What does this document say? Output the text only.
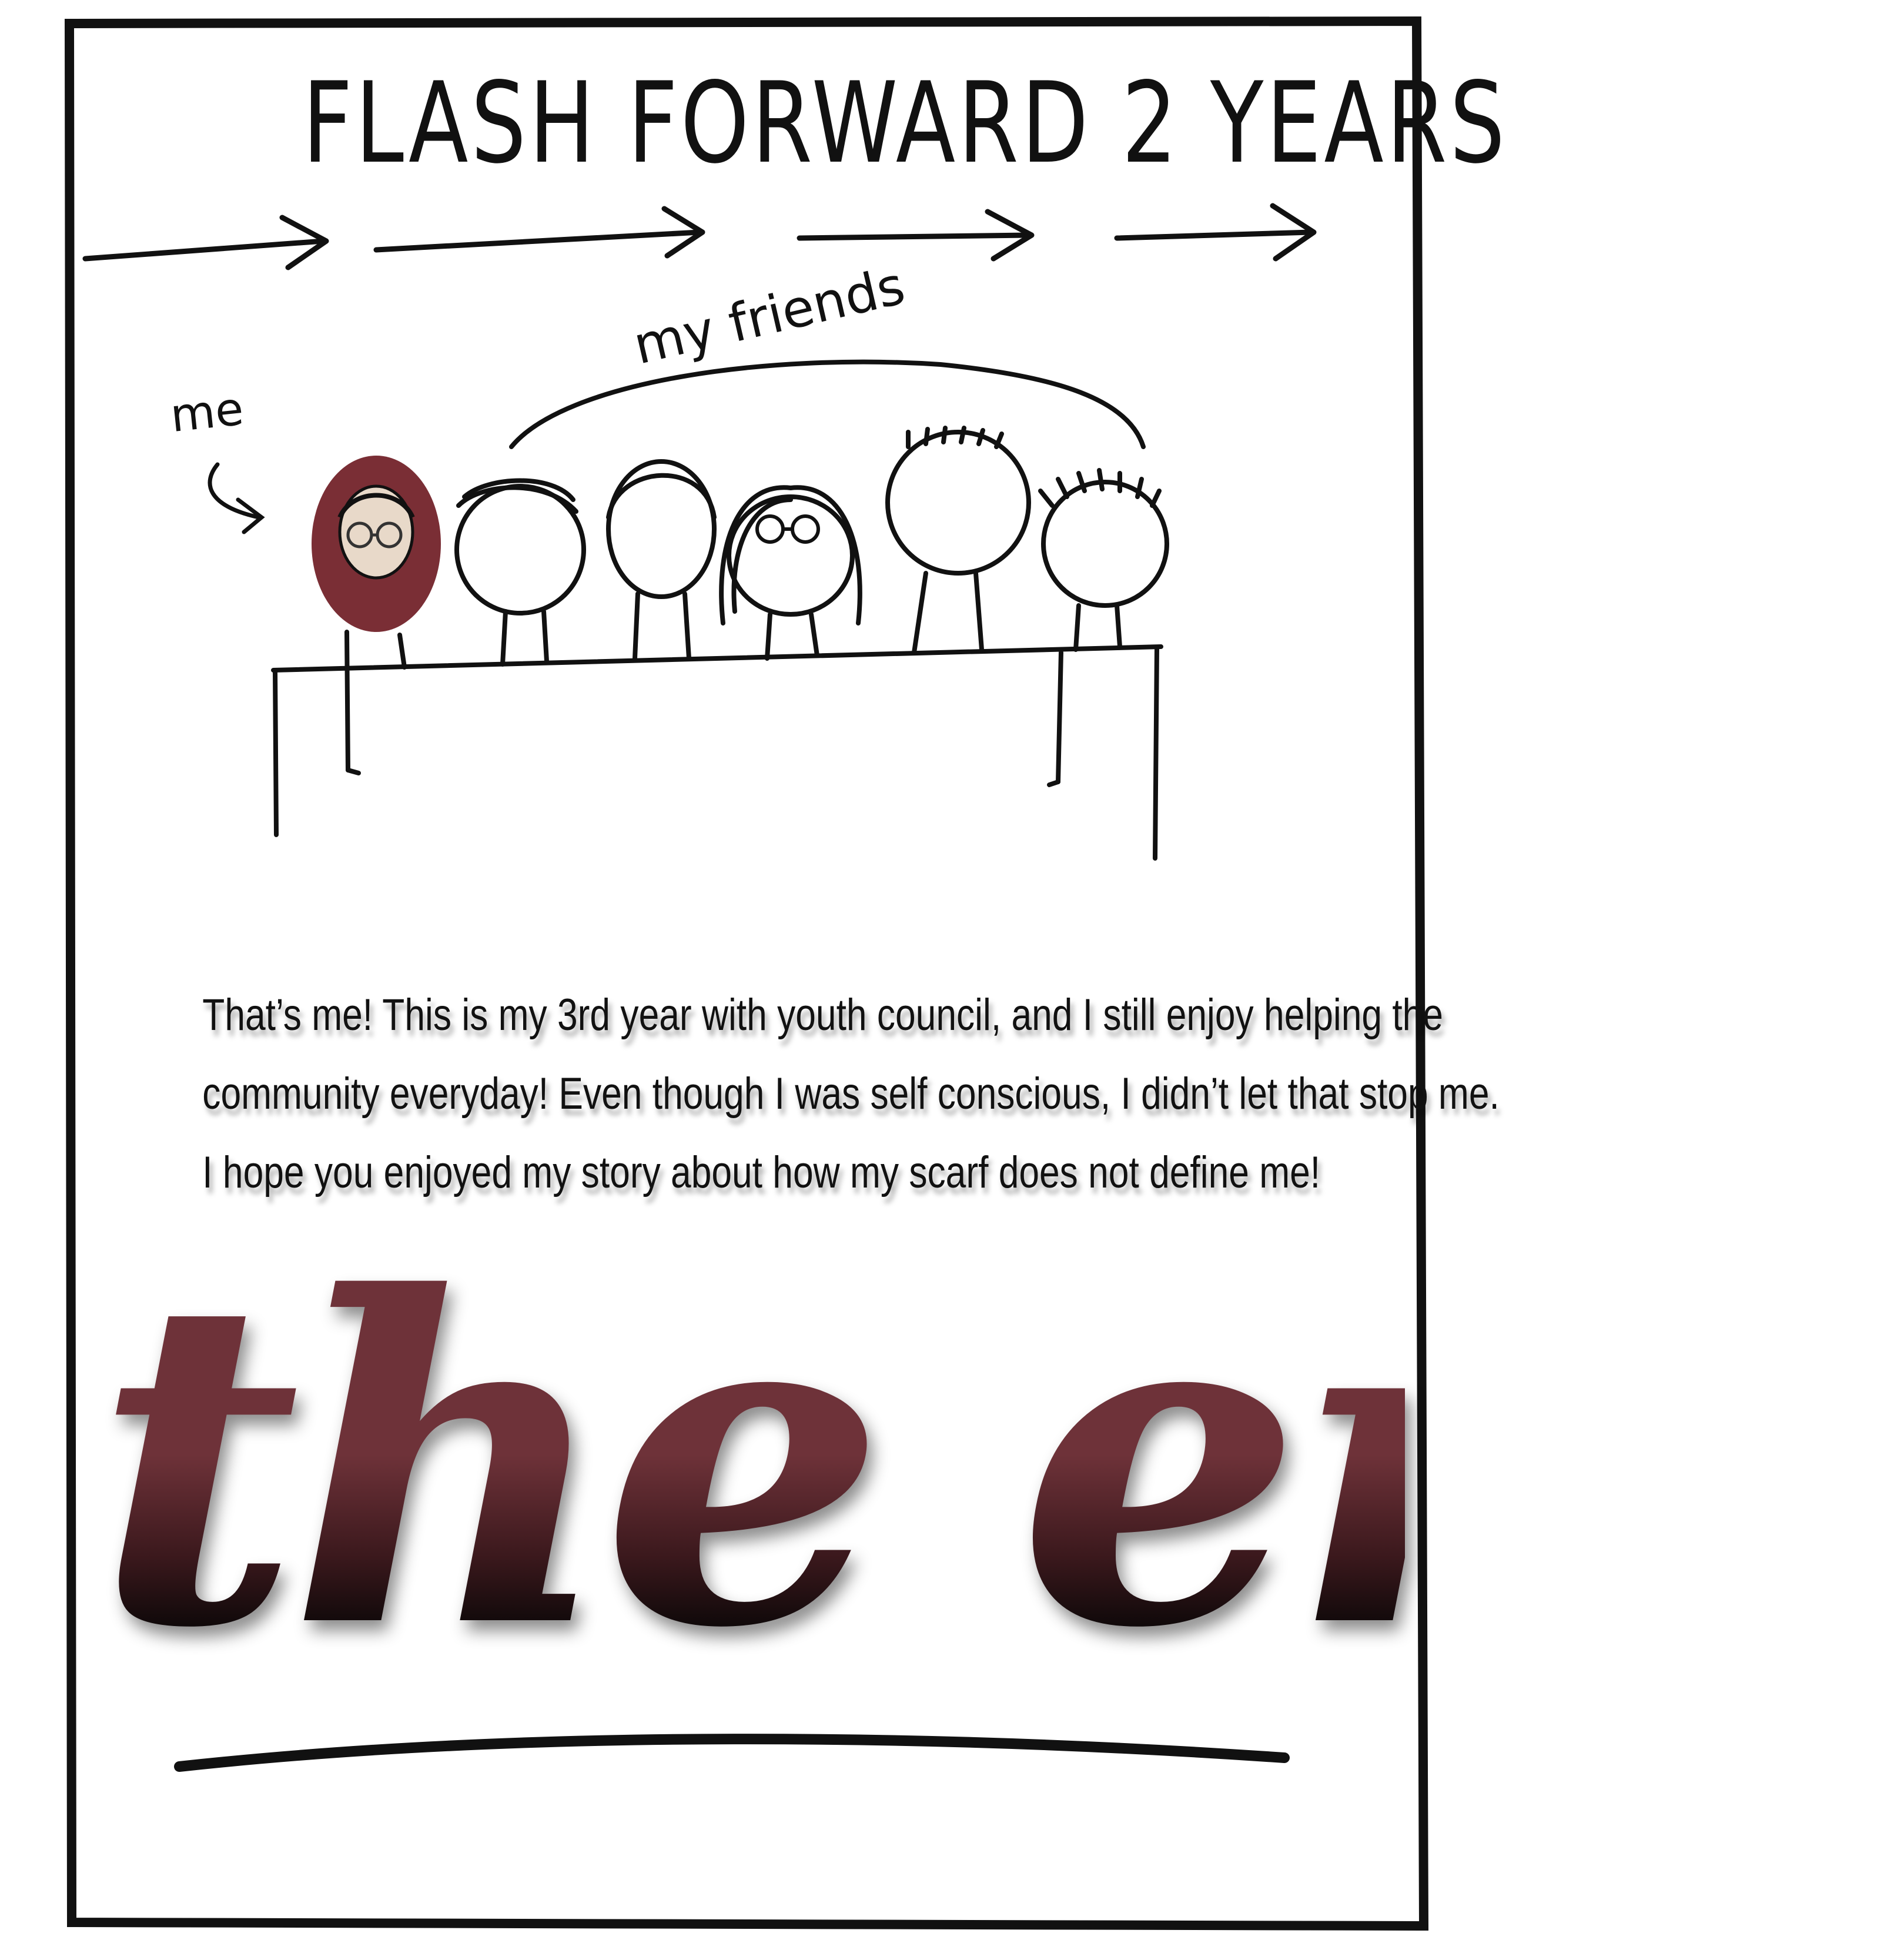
FLASH FORWARD 2 YEARS
me
my friends

That’s me! This is my 3rd year with youth council, and I still enjoy helping the

community everyday! Even though I was self conscious, I didn’t let that stop me.

I hope you enjoyed my story about how my scarf does not define me!

the end
